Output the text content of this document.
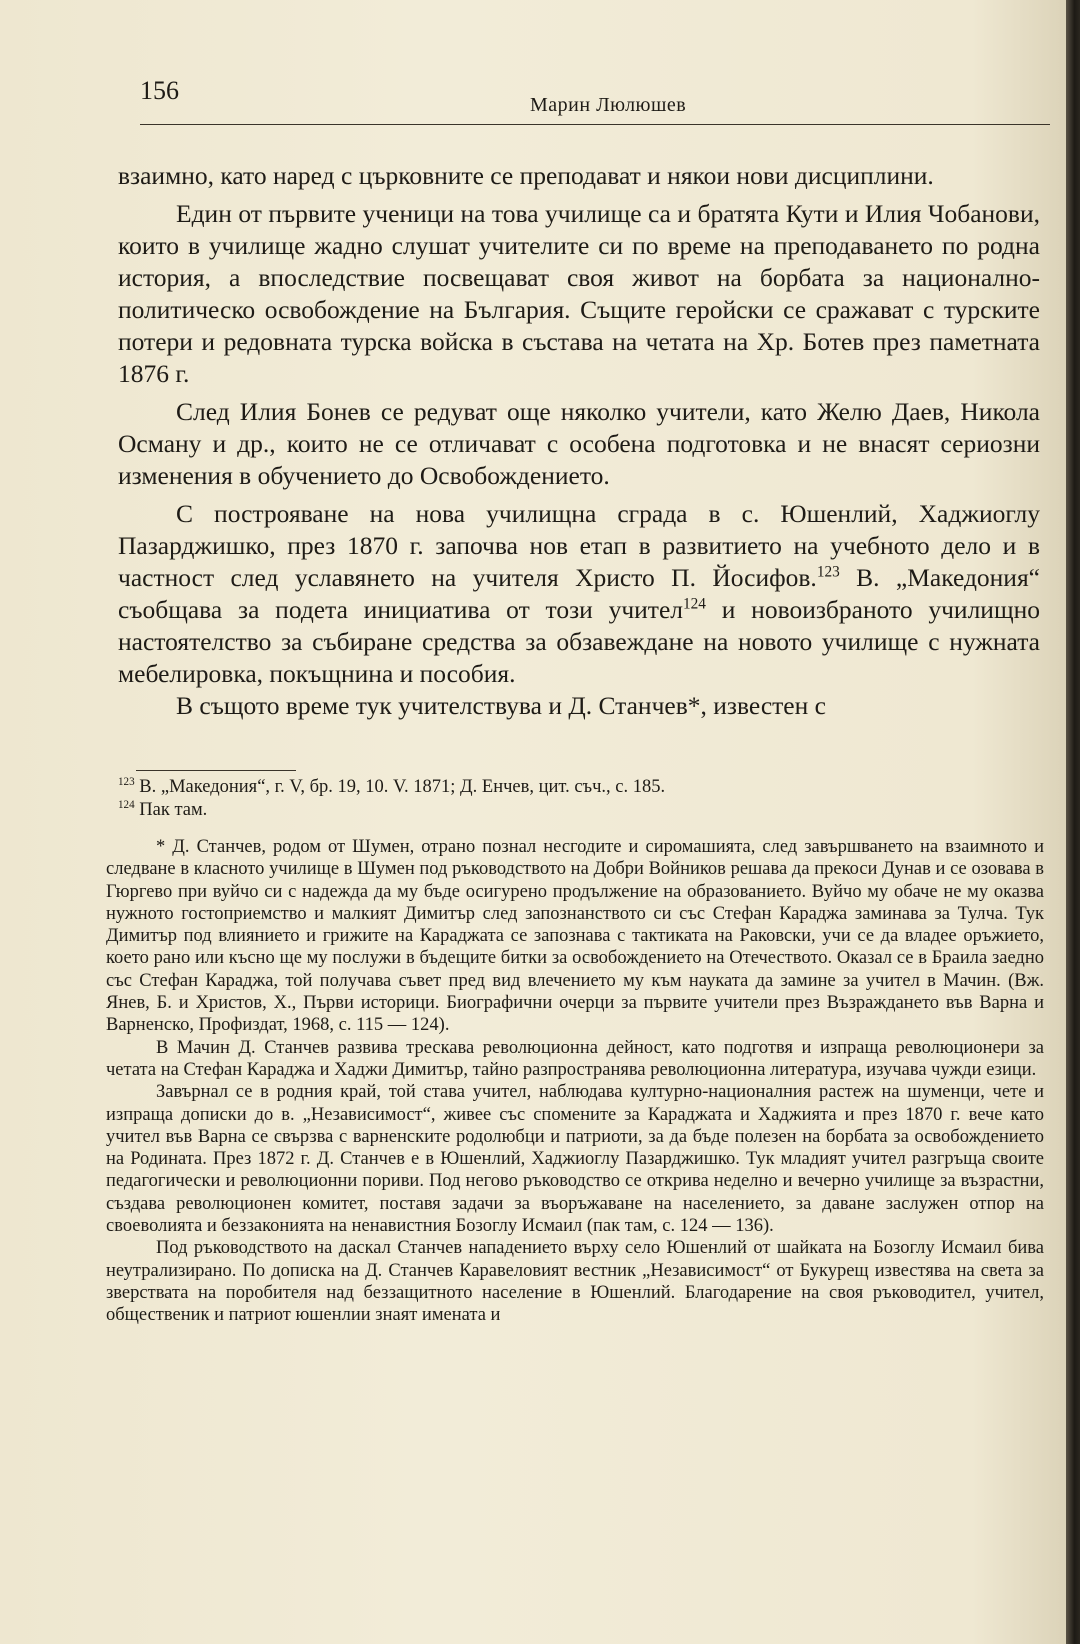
156	Марин Люлюшев

взаимно, като наред с църковните се преподават и някои нови дисциплини.

Един от първите ученици на това училище са и братята Кути и Илия Чобанови, които в училище жадно слушат учителите си по време на преподаването по родна история, а впоследствие посвещават своя живот на борбата за национално-политическо освобождение на България. Същите геройски се сражават с турските потери и редовната турска войска в състава на четата на Хр. Ботев през паметната 1876 г.

След Илия Бонев се редуват още няколко учители, като Желю Даев, Никола Осману и др., които не се отличават с особена подготовка и не внасят сериозни изменения в обучението до Освобождението.

С построяване на нова училищна сграда в с. Юшенлий, Хаджиоглу Пазарджишко, през 1870 г. започва нов етап в развитието на учебното дело и в частност след уславянето на учителя Христо П. Йосифов.$^{123}$ В. „Македония“ съобщава за подета инициатива от този учител$^{124}$ и новоизбраното училищно настоятелство за събиране средства за обзавеждане на новото училище с нужната мебелировка, покъщнина и пособия.

В същото време тук учителствува и Д. Станчев*, известен с

$^{123}$ В. „Македония“, г. V, бр. 19, 10. V. 1871; Д. Енчев, цит. съч., с. 185.

$^{124}$ Пак там.

* Д. Станчев, родом от Шумен, отрано познал несгодите и сиромашията, след завършването на взаимното и следване в класното училище в Шумен под ръководството на Добри Войников решава да прекоси Дунав и се озовава в Гюргево при вуйчо си с надежда да му бъде осигурено продължение на образованието. Вуйчо му обаче не му оказва нужното гостоприемство и малкият Димитър след запознанството си със Стефан Караджа заминава за Тулча. Тук Димитър под влиянието и грижите на Караджата се запознава с тактиката на Раковски, учи се да владее оръжието, което рано или късно ще му послужи в бъдещите битки за освобождението на Отечеството. Оказал се в Браила заедно със Стефан Караджа, той получава съвет пред вид влечението му към науката да замине за учител в Мачин. (Вж. Янев, Б. и Христов, Х., Първи историци. Биографични очерци за първите учители през Възраждането във Варна и Варненско, Профиздат, 1968, с. 115 — 124).

В Мачин Д. Станчев развива трескава революционна дейност, като подготвя и изпраща революционери за четата на Стефан Караджа и Хаджи Димитър, тайно разпространява революционна литература, изучава чужди езици.

Завърнал се в родния край, той става учител, наблюдава културно-националния растеж на шуменци, чете и изпраща дописки до в. „Независимост“, живее със спомените за Караджата и Хаджията и през 1870 г. вече като учител във Варна се свързва с варненските родолюбци и патриоти, за да бъде полезен на борбата за освобождението на Родината. През 1872 г. Д. Станчев е в Юшенлий, Хаджиоглу Пазарджишко. Тук младият учител разгръща своите педагогически и революционни пориви. Под негово ръководство се открива неделно и вечерно училище за възрастни, създава революционен комитет, поставя задачи за въоръжаване на населението, за даване заслужен отпор на своеволията и беззаконията на ненавистния Бозоглу Исмаил (пак там, с. 124 — 136).

Под ръководството на даскал Станчев нападението върху село Юшенлий от шайката на Бозоглу Исмаил бива неутрализирано. По дописка на Д. Станчев Каравеловият вестник „Независимост“ от Букурещ известява на света за зверствата на поробителя над беззащитното население в Юшенлий. Благодарение на своя ръководител, учител, общественик и патриот юшенлии знаят имената и
